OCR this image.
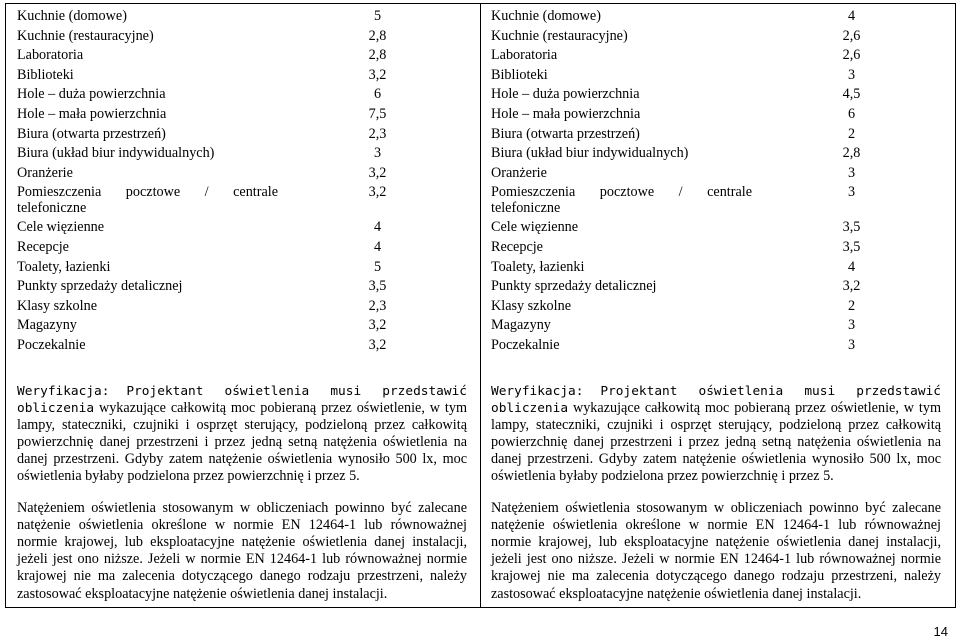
Kuchnie (domowe)	5
Kuchnie (restauracyjne)	2,8
Laboratoria	2,8
Biblioteki	3,2
Hole – duża powierzchnia	6
Hole – mała powierzchnia	7,5
Biura (otwarta przestrzeń)	2,3
Biura (układ biur indywidualnych)	3
Oranżerie	3,2

Pomieszczenia pocztowe / centrale telefoniczne	3,2
Cele więzienne	4
Recepcje	4
Toalety, łazienki	5
Punkty sprzedaży detalicznej	3,5
Klasy szkolne	2,3
Magazyny	3,2
Poczekalnie	3,2

Weryfikacja: Projektant oświetlenia musi przedstawić obliczenia wykazujące całkowitą moc pobieraną przez oświetlenie, w tym lampy, stateczniki, czujniki i osprzęt sterujący, podzieloną przez całkowitą powierzchnię danej przestrzeni i przez jedną setną natężenia oświetlenia na danej przestrzeni. Gdyby zatem natężenie oświetlenia wynosiło 500 lx, moc oświetlenia byłaby podzielona przez powierzchnię i przez 5.

Natężeniem oświetlenia stosowanym w obliczeniach powinno być zalecane natężenie oświetlenia określone w normie EN 12464-1 lub równoważnej normie krajowej, lub eksploatacyjne natężenie oświetlenia danej instalacji, jeżeli jest ono niższe. Jeżeli w normie EN 12464-1 lub równoważnej normie krajowej nie ma zalecenia dotyczącego danego rodzaju przestrzeni, należy zastosować eksploatacyjne natężenie oświetlenia danej instalacji.

Kuchnie (domowe)	4
Kuchnie (restauracyjne)	2,6
Laboratoria	2,6
Biblioteki	3
Hole – duża powierzchnia	4,5
Hole – mała powierzchnia	6
Biura (otwarta przestrzeń)	2
Biura (układ biur indywidualnych)	2,8
Oranżerie	3

Pomieszczenia pocztowe / centrale telefoniczne	3
Cele więzienne	3,5
Recepcje	3,5
Toalety, łazienki	4
Punkty sprzedaży detalicznej	3,2
Klasy szkolne	2
Magazyny	3
Poczekalnie	3

Weryfikacja: Projektant oświetlenia musi przedstawić obliczenia wykazujące całkowitą moc pobieraną przez oświetlenie, w tym lampy, stateczniki, czujniki i osprzęt sterujący, podzieloną przez całkowitą powierzchnię danej przestrzeni i przez jedną setną natężenia oświetlenia na danej przestrzeni. Gdyby zatem natężenie oświetlenia wynosiło 500 lx, moc oświetlenia byłaby podzielona przez powierzchnię i przez 5.

Natężeniem oświetlenia stosowanym w obliczeniach powinno być zalecane natężenie oświetlenia określone w normie EN 12464-1 lub równoważnej normie krajowej, lub eksploatacyjne natężenie oświetlenia danej instalacji, jeżeli jest ono niższe. Jeżeli w normie EN 12464-1 lub równoważnej normie krajowej nie ma zalecenia dotyczącego danego rodzaju przestrzeni, należy zastosować eksploatacyjne natężenie oświetlenia danej instalacji.

14
